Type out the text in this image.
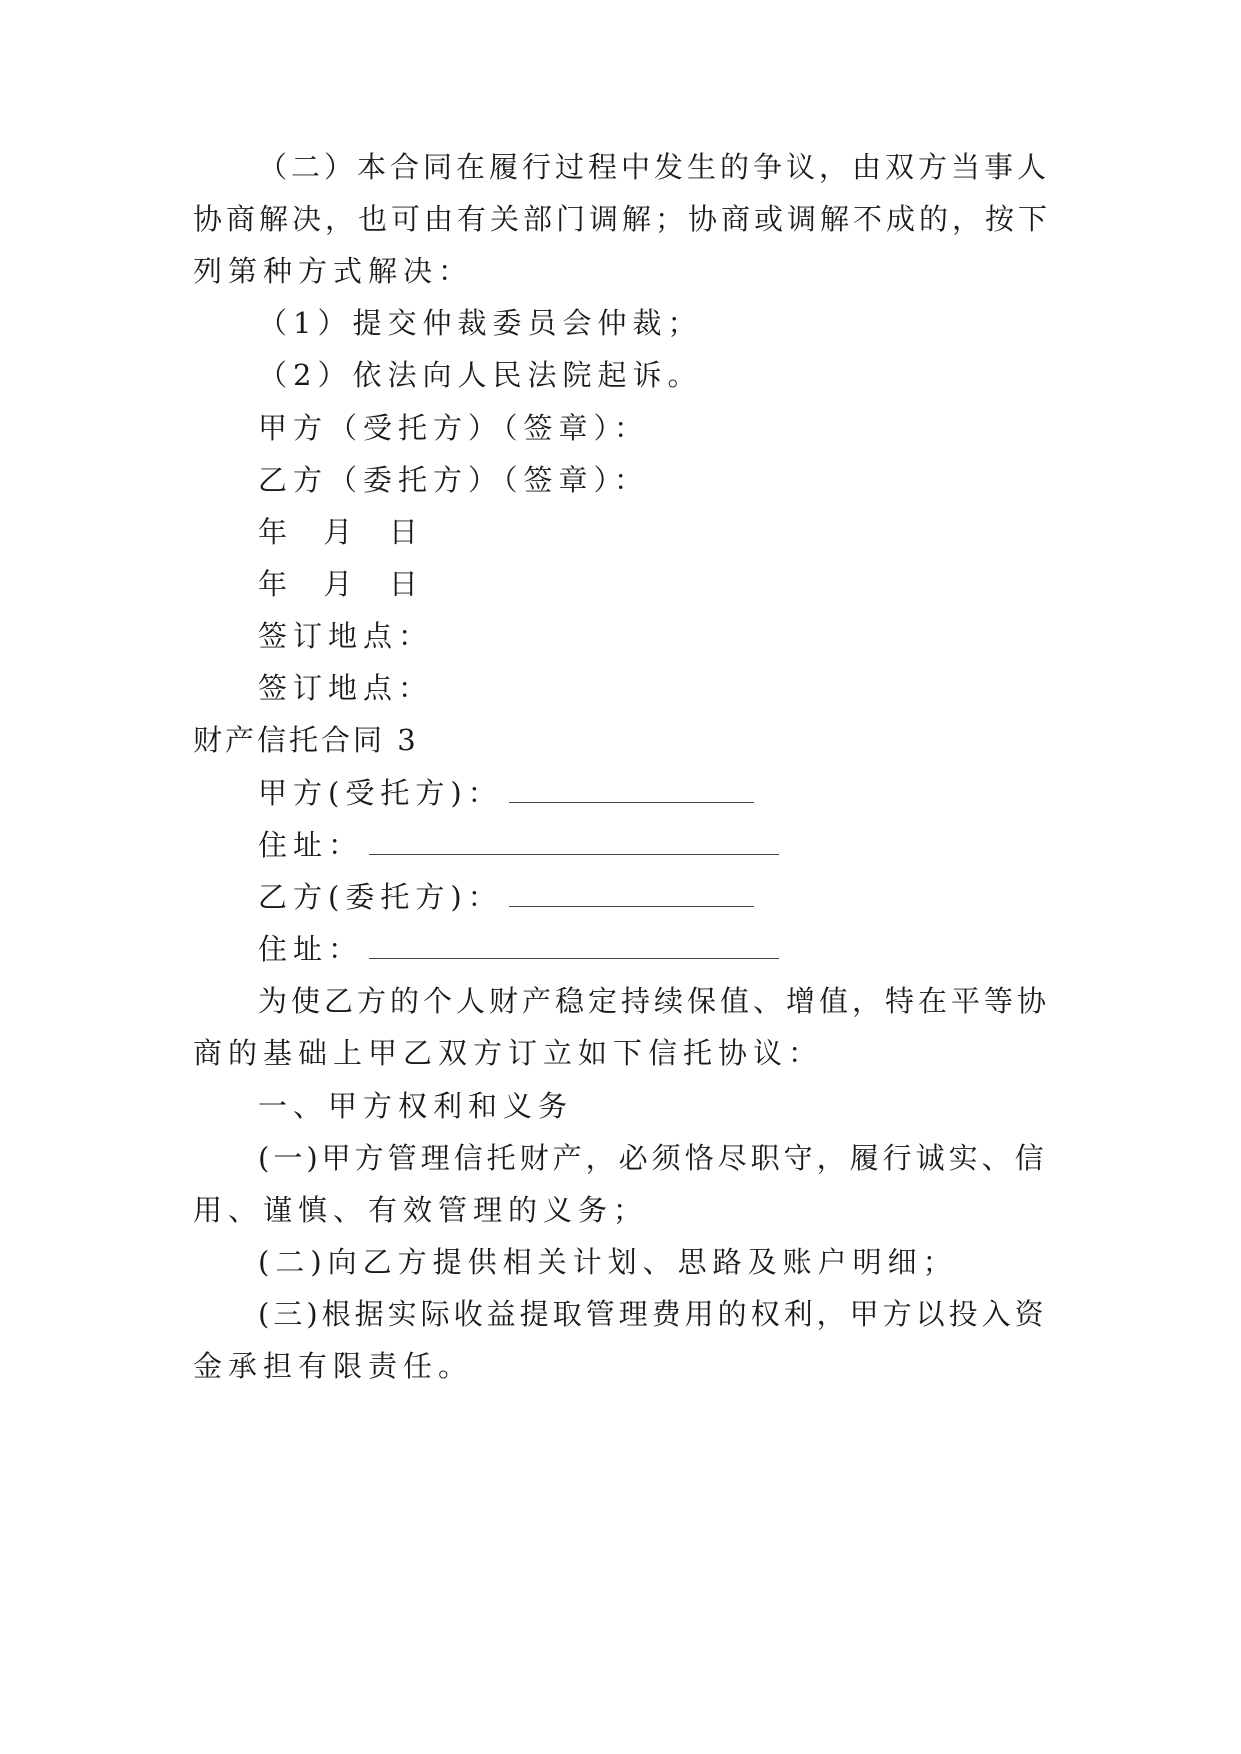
（二）本合同在履行过程中发生的争议，由双方当事人
协商解决，也可由有关部门调解；协商或调解不成的，按下
列第种方式解决：
（1）提交仲裁委员会仲裁；
（2）依法向人民法院起诉。
甲方（受托方）（签章）：
乙方（委托方）（签章）：
年  月  日
年  月  日
签订地点：
签订地点：
财产信托合同 3
甲方(受托方)：
住址：
乙方(委托方)：
住址：
为使乙方的个人财产稳定持续保值、增值，特在平等协
商的基础上甲乙双方订立如下信托协议：
一、甲方权利和义务
(一)甲方管理信托财产，必须恪尽职守，履行诚实、信
用、谨慎、有效管理的义务；
(二)向乙方提供相关计划、思路及账户明细；
(三)根据实际收益提取管理费用的权利，甲方以投入资
金承担有限责任。
